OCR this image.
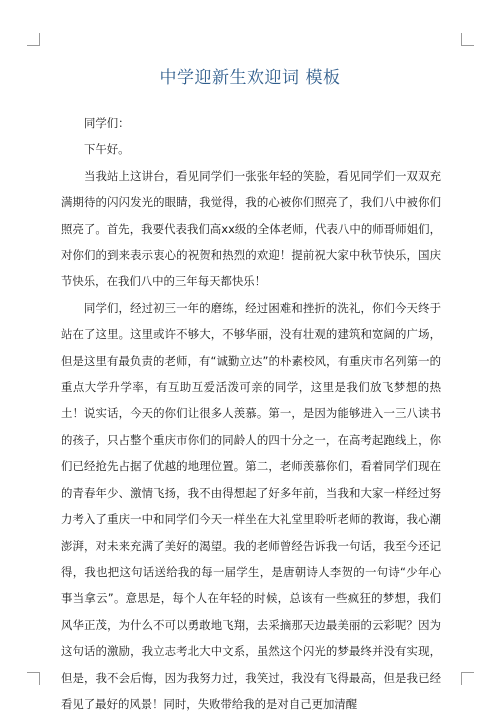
中学迎新生欢迎词 模板

同学们：

下午好。

当我站上这讲台，看见同学们一张张年轻的笑脸，看见同学们一双双充满期待的闪闪发光的眼睛，我觉得，我的心被你们照亮了，我们八中被你们照亮了。首先，我要代表我们高xx级的全体老师，代表八中的师哥师姐们，对你们的到来表示衷心的祝贺和热烈的欢迎！提前祝大家中秋节快乐，国庆节快乐，在我们八中的三年每天都快乐！

同学们，经过初三一年的磨练，经过困难和挫折的洗礼，你们今天终于站在了这里。这里或许不够大，不够华丽，没有壮观的建筑和宽阔的广场，但是这里有最负责的老师，有“诚勤立达”的朴素校风，有重庆市名列第一的重点大学升学率，有互助互爱活泼可亲的同学，这里是我们放飞梦想的热土！说实话，今天的你们让很多人羡慕。第一，是因为能够进入一三八读书的孩子，只占整个重庆市你们的同龄人的四十分之一，在高考起跑线上，你们已经抢先占据了优越的地理位置。第二，老师羡慕你们，看着同学们现在的青春年少、激情飞扬，我不由得想起了好多年前，当我和大家一样经过努力考入了重庆一中和同学们今天一样坐在大礼堂里聆听老师的教诲，我心潮澎湃，对未来充满了美好的渴望。我的老师曾经告诉我一句话，我至今还记得，我也把这句话送给我的每一届学生，是唐朝诗人李贺的一句诗“少年心事当拿云”。意思是，每个人在年轻的时候，总该有一些疯狂的梦想，我们风华正茂，为什么不可以勇敢地飞翔，去采摘那天边最美丽的云彩呢？因为这句话的激励，我立志考北大中文系，虽然这个闪光的梦最终并没有实现，但是，我不会后悔，因为我努力过，我笑过，我没有飞得最高，但是我已经看见了最好的风景！同时，失败带给我的是对自己更加清醒
